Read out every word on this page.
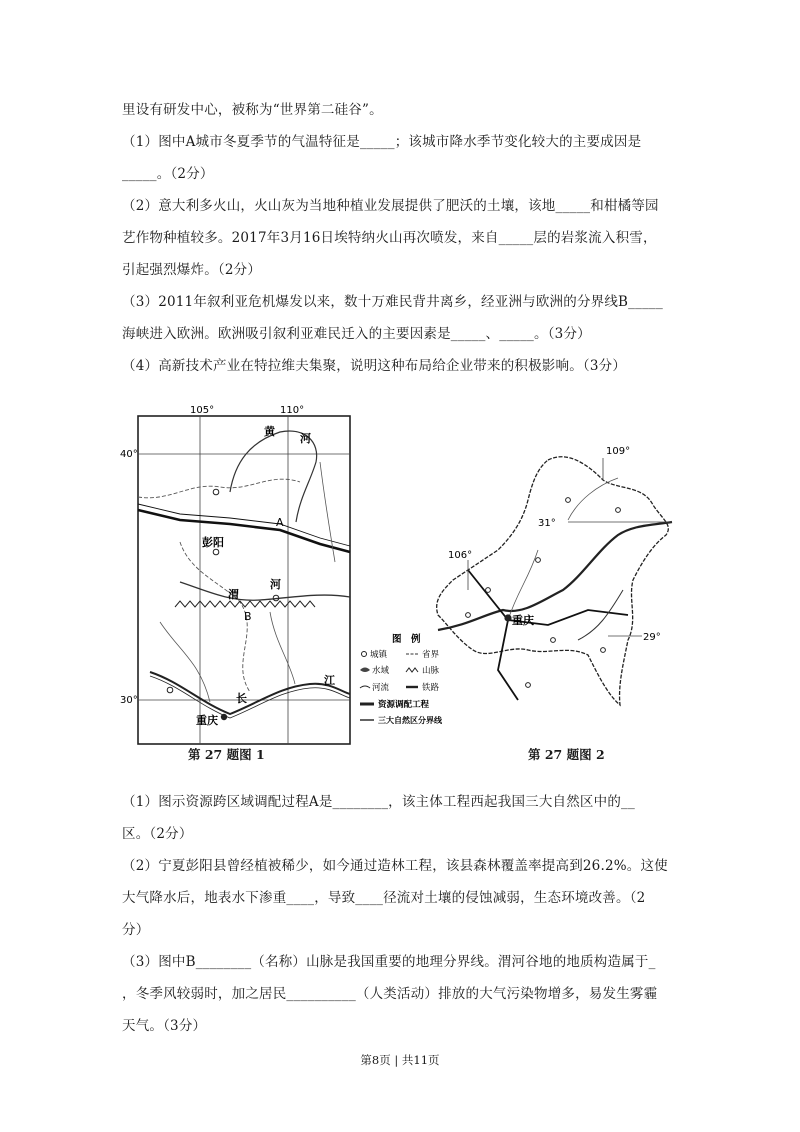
里设有研发中心，被称为“世界第二硅谷”。
（1）图中A城市冬夏季节的气温特征是_____；该城市降水季节变化较大的主要成因是
_____。（2分）
（2）意大利多火山，火山灰为当地种植业发展提供了肥沃的土壤，该地_____和柑橘等园
艺作物种植较多。2017年3月16日埃特纳火山再次喷发，来自_____层的岩浆流入积雪，
引起强烈爆炸。（2分）
（3）2011年叙利亚危机爆发以来，数十万难民背井离乡，经亚洲与欧洲的分界线B_____
海峡进入欧洲。欧洲吸引叙利亚难民迁入的主要因素是_____、_____。（3分）
（4）高新技术产业在特拉维夫集聚，说明这种布局给企业带来的积极影响。（3分）
105°	110°
40°
30°
黄
河
A
彭阳
渭
河
B
长
江
重庆
图　例
城镇	省界
水域	山脉
河流	铁路
资源调配工程
三大自然区分界线
第 27 题图 1
109°
106°
31°
29°
重庆
第 27 题图 2
（1）图示资源跨区域调配过程A是________，该主体工程西起我国三大自然区中的__
区。（2分）
（2）宁夏彭阳县曾经植被稀少，如今通过造林工程，该县森林覆盖率提高到26.2%。这使
大气降水后，地表水下渗重____，导致____径流对土壤的侵蚀减弱，生态环境改善。（2
分）
（3）图中B________（名称）山脉是我国重要的地理分界线。渭河谷地的地质构造属于_
，冬季风较弱时，加之居民__________（人类活动）排放的大气污染物增多，易发生雾霾
天气。（3分）
第8页 | 共11页
